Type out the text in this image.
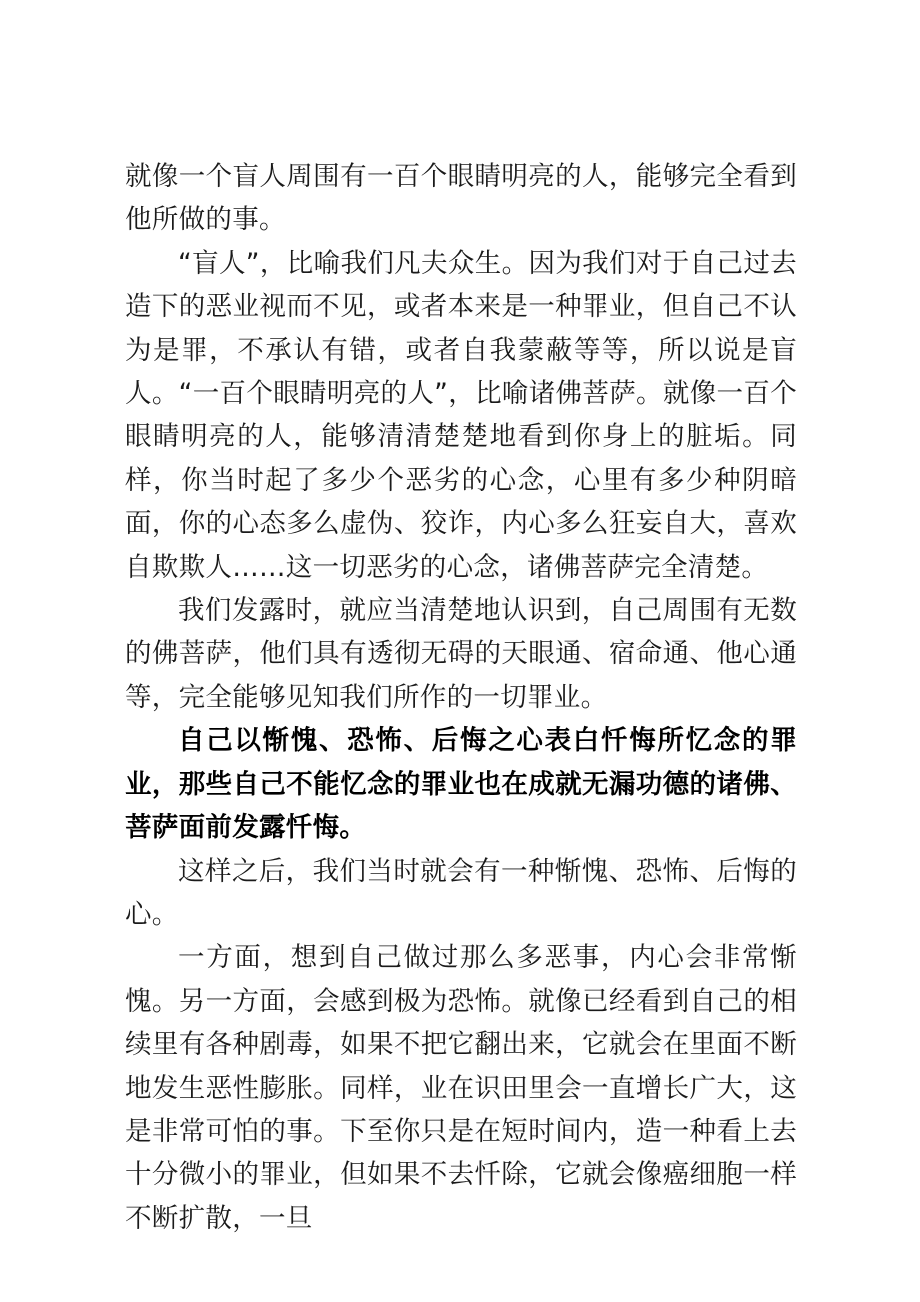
就像一个盲人周围有一百个眼睛明亮的人，能够完全看到他所做的事。

“盲人”，比喻我们凡夫众生。因为我们对于自己过去造下的恶业视而不见，或者本来是一种罪业，但自己不认为是罪，不承认有错，或者自我蒙蔽等等，所以说是盲人。“一百个眼睛明亮的人”，比喻诸佛菩萨。就像一百个眼睛明亮的人，能够清清楚楚地看到你身上的脏垢。同样，你当时起了多少个恶劣的心念，心里有多少种阴暗面，你的心态多么虚伪、狡诈，内心多么狂妄自大，喜欢自欺欺人……这一切恶劣的心念，诸佛菩萨完全清楚。

我们发露时，就应当清楚地认识到，自己周围有无数的佛菩萨，他们具有透彻无碍的天眼通、宿命通、他心通等，完全能够见知我们所作的一切罪业。

自己以惭愧、恐怖、后悔之心表白忏悔所忆念的罪业，那些自己不能忆念的罪业也在成就无漏功德的诸佛、菩萨面前发露忏悔。

这样之后，我们当时就会有一种惭愧、恐怖、后悔的心。

一方面，想到自己做过那么多恶事，内心会非常惭愧。另一方面，会感到极为恐怖。就像已经看到自己的相续里有各种剧毒，如果不把它翻出来，它就会在里面不断地发生恶性膨胀。同样，业在识田里会一直增长广大，这是非常可怕的事。下至你只是在短时间内，造一种看上去十分微小的罪业，但如果不去忏除，它就会像癌细胞一样不断扩散，一旦
